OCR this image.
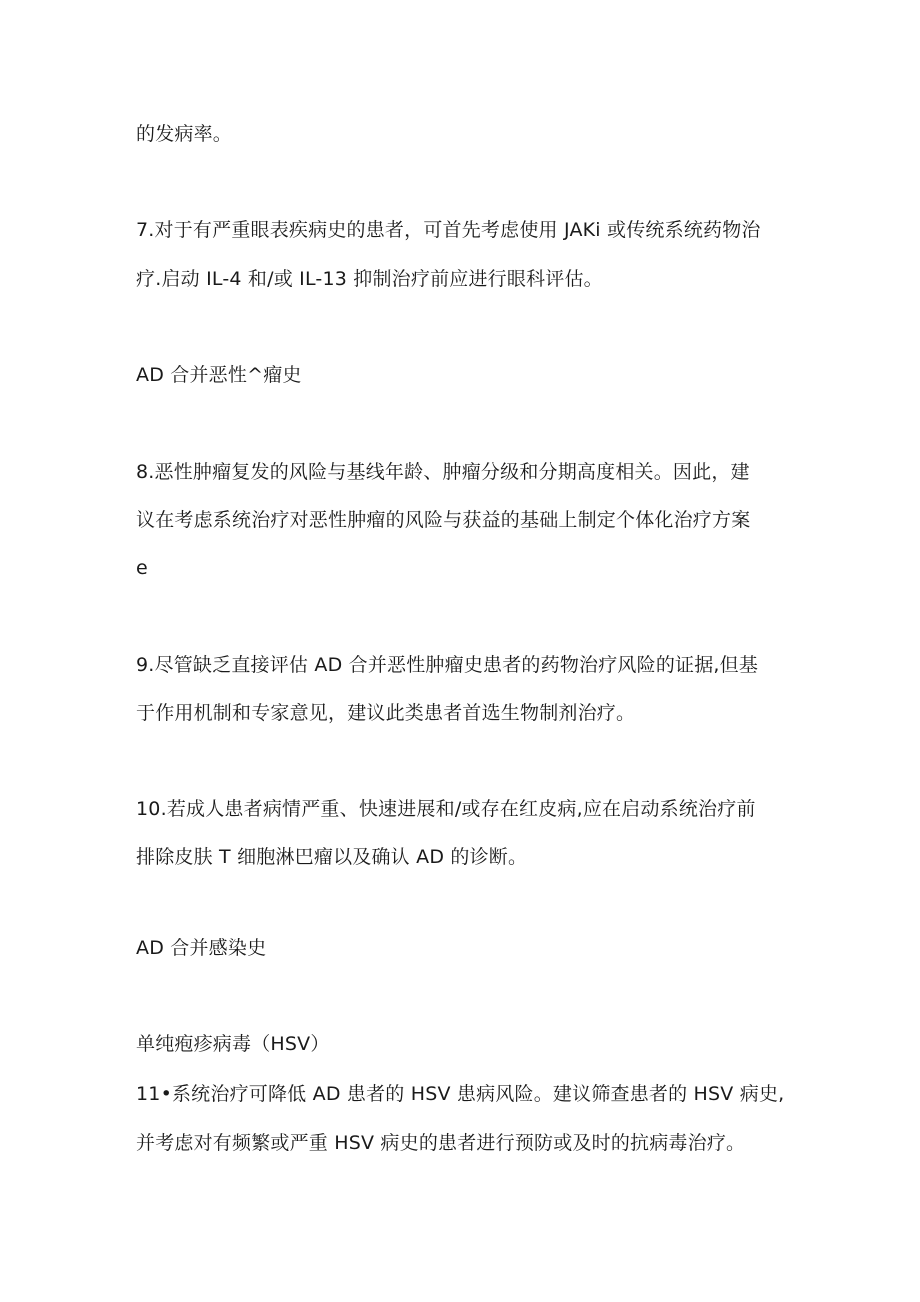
的发病率。
7.对于有严重眼表疾病史的患者，可首先考虑使用 JAKi 或传统系统药物治
疗.启动 IL-4 和/或 IL-13 抑制治疗前应进行眼科评估。
AD 合并恶性^瘤史
8.恶性肿瘤复发的风险与基线年龄、肿瘤分级和分期高度相关。因此，建
议在考虑系统治疗对恶性肿瘤的风险与获益的基础上制定个体化治疗方案
e
9.尽管缺乏直接评估 AD 合并恶性肿瘤史患者的药物治疗风险的证据,但基
于作用机制和专家意见，建议此类患者首选生物制剂治疗。
10.若成人患者病情严重、快速进展和/或存在红皮病,应在启动系统治疗前
排除皮肤 T 细胞淋巴瘤以及确认 AD 的诊断。
AD 合并感染史
单纯疱疹病毒（HSV）
11•系统治疗可降低 AD 患者的 HSV 患病风险。建议筛查患者的 HSV 病史,
并考虑对有频繁或严重 HSV 病史的患者进行预防或及时的抗病毒治疗。
